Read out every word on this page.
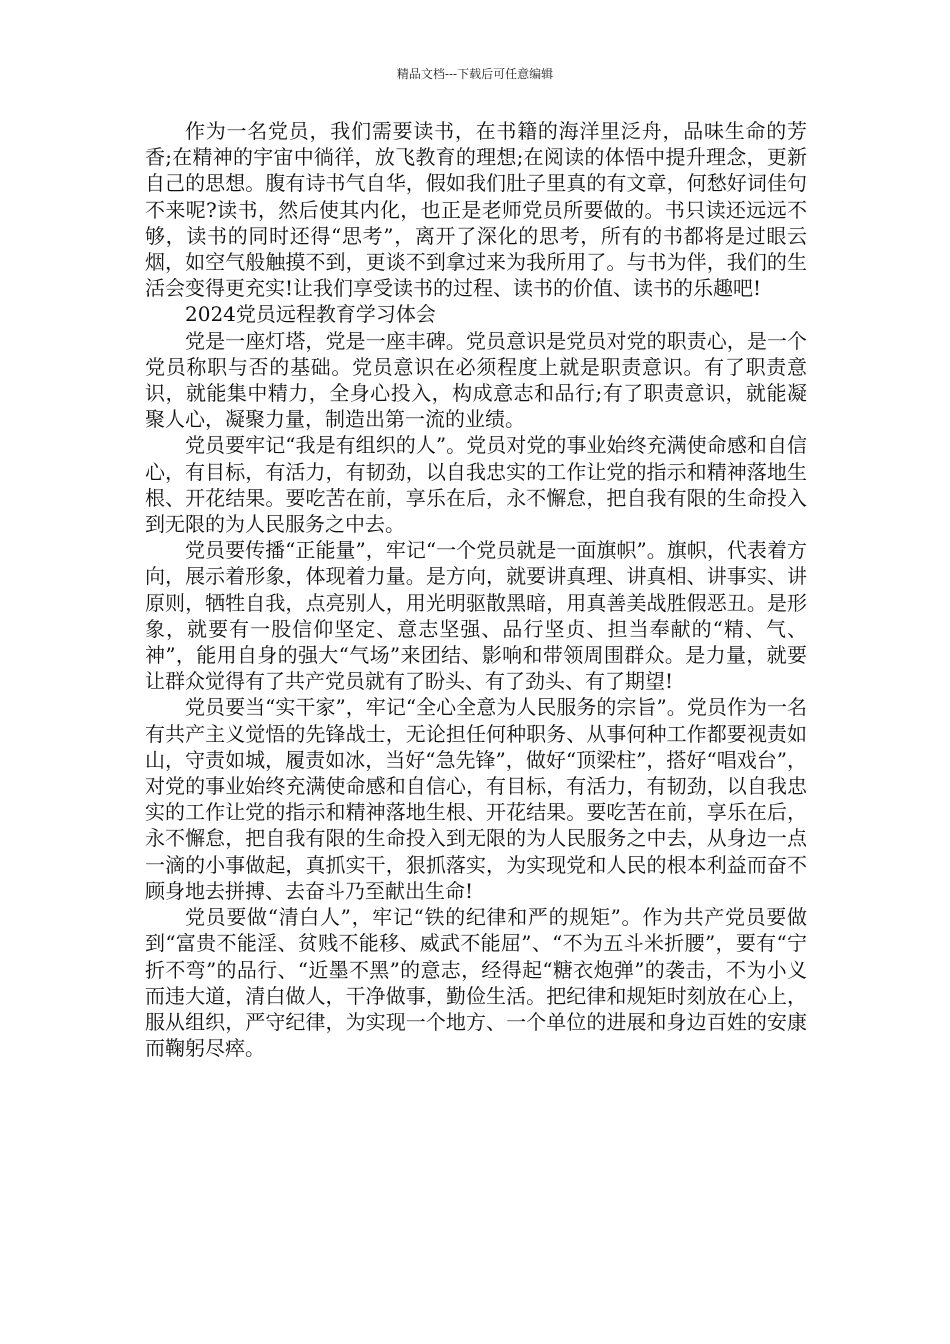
精品文档---下载后可任意编辑

作为一名党员，我们需要读书，在书籍的海洋里泛舟，品味生命的芳香;在精神的宇宙中徜徉，放飞教育的理想;在阅读的体悟中提升理念，更新自己的思想。腹有诗书气自华，假如我们肚子里真的有文章，何愁好词佳句不来呢?读书，然后使其内化，也正是老师党员所要做的。书只读还远远不够，读书的同时还得“思考”，离开了深化的思考，所有的书都将是过眼云烟，如空气般触摸不到，更谈不到拿过来为我所用了。与书为伴，我们的生活会变得更充实!让我们享受读书的过程、读书的价值、读书的乐趣吧!

2024党员远程教育学习体会

党是一座灯塔，党是一座丰碑。党员意识是党员对党的职责心，是一个党员称职与否的基础。党员意识在必须程度上就是职责意识。有了职责意识，就能集中精力，全身心投入，构成意志和品行;有了职责意识，就能凝聚人心，凝聚力量，制造出第一流的业绩。

党员要牢记“我是有组织的人”。党员对党的事业始终充满使命感和自信心，有目标，有活力，有韧劲，以自我忠实的工作让党的指示和精神落地生根、开花结果。要吃苦在前，享乐在后，永不懈怠，把自我有限的生命投入到无限的为人民服务之中去。

党员要传播“正能量”，牢记“一个党员就是一面旗帜”。旗帜，代表着方向，展示着形象，体现着力量。是方向，就要讲真理、讲真相、讲事实、讲原则，牺牲自我，点亮别人，用光明驱散黑暗，用真善美战胜假恶丑。是形象，就要有一股信仰坚定、意志坚强、品行坚贞、担当奉献的“精、气、神”，能用自身的强大“气场”来团结、影响和带领周围群众。是力量，就要让群众觉得有了共产党员就有了盼头、有了劲头、有了期望!

党员要当“实干家”，牢记“全心全意为人民服务的宗旨”。党员作为一名有共产主义觉悟的先锋战士，无论担任何种职务、从事何种工作都要视责如山，守责如城，履责如冰，当好“急先锋”，做好“顶梁柱”，搭好“唱戏台”，对党的事业始终充满使命感和自信心，有目标，有活力，有韧劲，以自我忠实的工作让党的指示和精神落地生根、开花结果。要吃苦在前，享乐在后，永不懈怠，把自我有限的生命投入到无限的为人民服务之中去，从身边一点一滴的小事做起，真抓实干，狠抓落实，为实现党和人民的根本利益而奋不顾身地去拼搏、去奋斗乃至献出生命!

党员要做“清白人”，牢记“铁的纪律和严的规矩”。作为共产党员要做到“富贵不能淫、贫贱不能移、威武不能屈”、“不为五斗米折腰”，要有“宁折不弯”的品行、“近墨不黑”的意志，经得起“糖衣炮弹”的袭击，不为小义而违大道，清白做人，干净做事，勤俭生活。把纪律和规矩时刻放在心上，服从组织，严守纪律，为实现一个地方、一个单位的进展和身边百姓的安康而鞠躬尽瘁。
